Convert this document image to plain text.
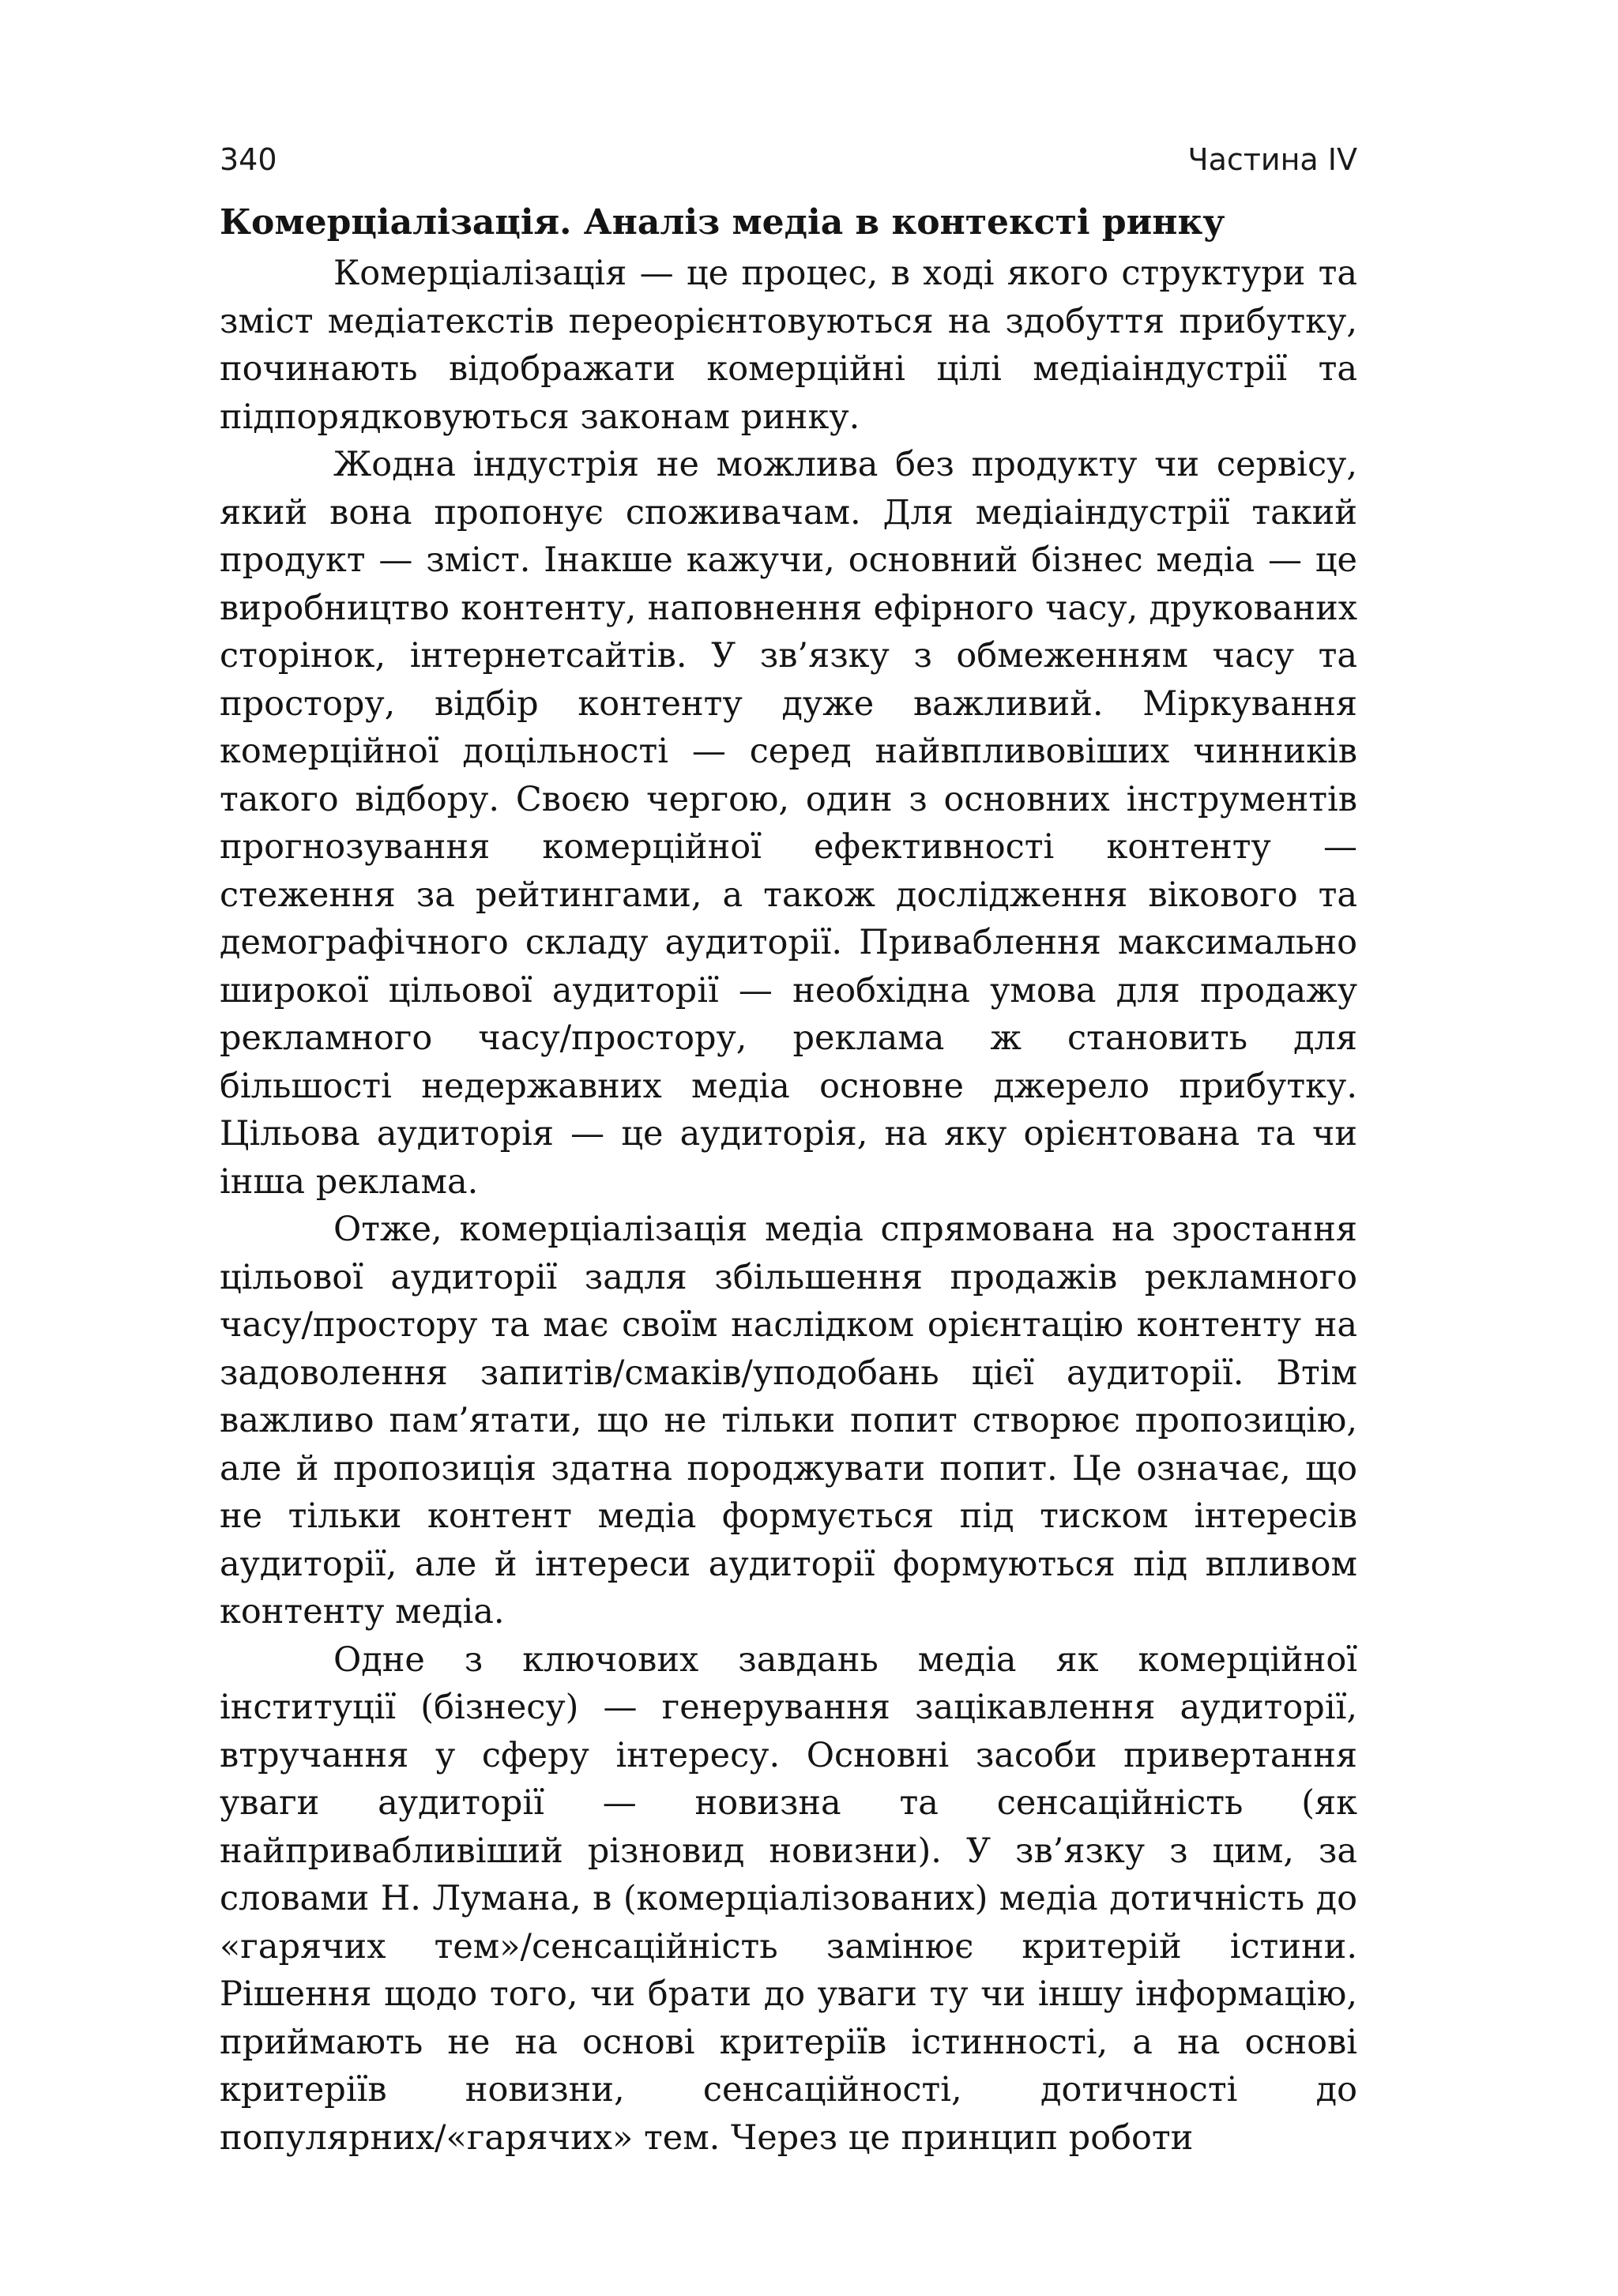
340	Частина IV
Комерціалізація. Аналіз медіа в контексті ринку

Комерціалізація — це процес, в ході якого структури та зміст медіатекстів переорієнтовуються на здобуття прибутку, починають відображати комерційні цілі медіаіндустрії та підпорядковуються законам ринку.

Жодна індустрія не можлива без продукту чи сервісу, який вона пропонує споживачам. Для медіаіндустрії такий продукт — зміст. Інакше кажучи, основний бізнес медіа — це виробництво контенту, наповнення ефірного часу, друкованих сторінок, інтернетсайтів. У зв’язку з обмеженням часу та простору, відбір контенту дуже важливий. Міркування комерційної доцільності — серед найвпливовіших чинників такого відбору. Своєю чергою, один з основних інструментів прогнозування комерційної ефективності контенту — стеження за рейтингами, а також дослідження вікового та демографічного складу аудиторії. Приваблення максимально широкої цільової аудиторії — необхідна умова для продажу рекламного часу/простору, реклама ж становить для більшості недержавних медіа основне джерело прибутку. Цільова аудиторія — це аудиторія, на яку орієнтована та чи інша реклама.

Отже, комерціалізація медіа спрямована на зростання цільової аудиторії задля збільшення продажів рекламного часу/простору та має своїм наслідком орієнтацію контенту на задоволення запитів/смаків/уподобань цієї аудиторії. Втім важливо пам’ятати, що не тільки попит створює пропозицію, але й пропозиція здатна породжувати попит. Це означає, що не тільки контент медіа формується під тиском інтересів аудиторії, але й інтереси аудиторії формуються під впливом контенту медіа.

Одне з ключових завдань медіа як комерційної інституції (бізнесу) — генерування зацікавлення аудиторії, втручання у сферу інтересу. Основні засоби привертання уваги аудиторії — новизна та сенсаційність (як найпривабливіший різновид новизни). У зв’язку з цим, за словами Н. Лумана, в (комерціалізованих) медіа дотичність до «гарячих тем»/сенсаційність замінює критерій істини. Рішення щодо того, чи брати до уваги ту чи іншу інформацію, приймають не на основі критеріїв істинності, а на основі критеріїв новизни, сенсаційності, дотичності до популярних/«гарячих» тем. Через це принцип роботи
